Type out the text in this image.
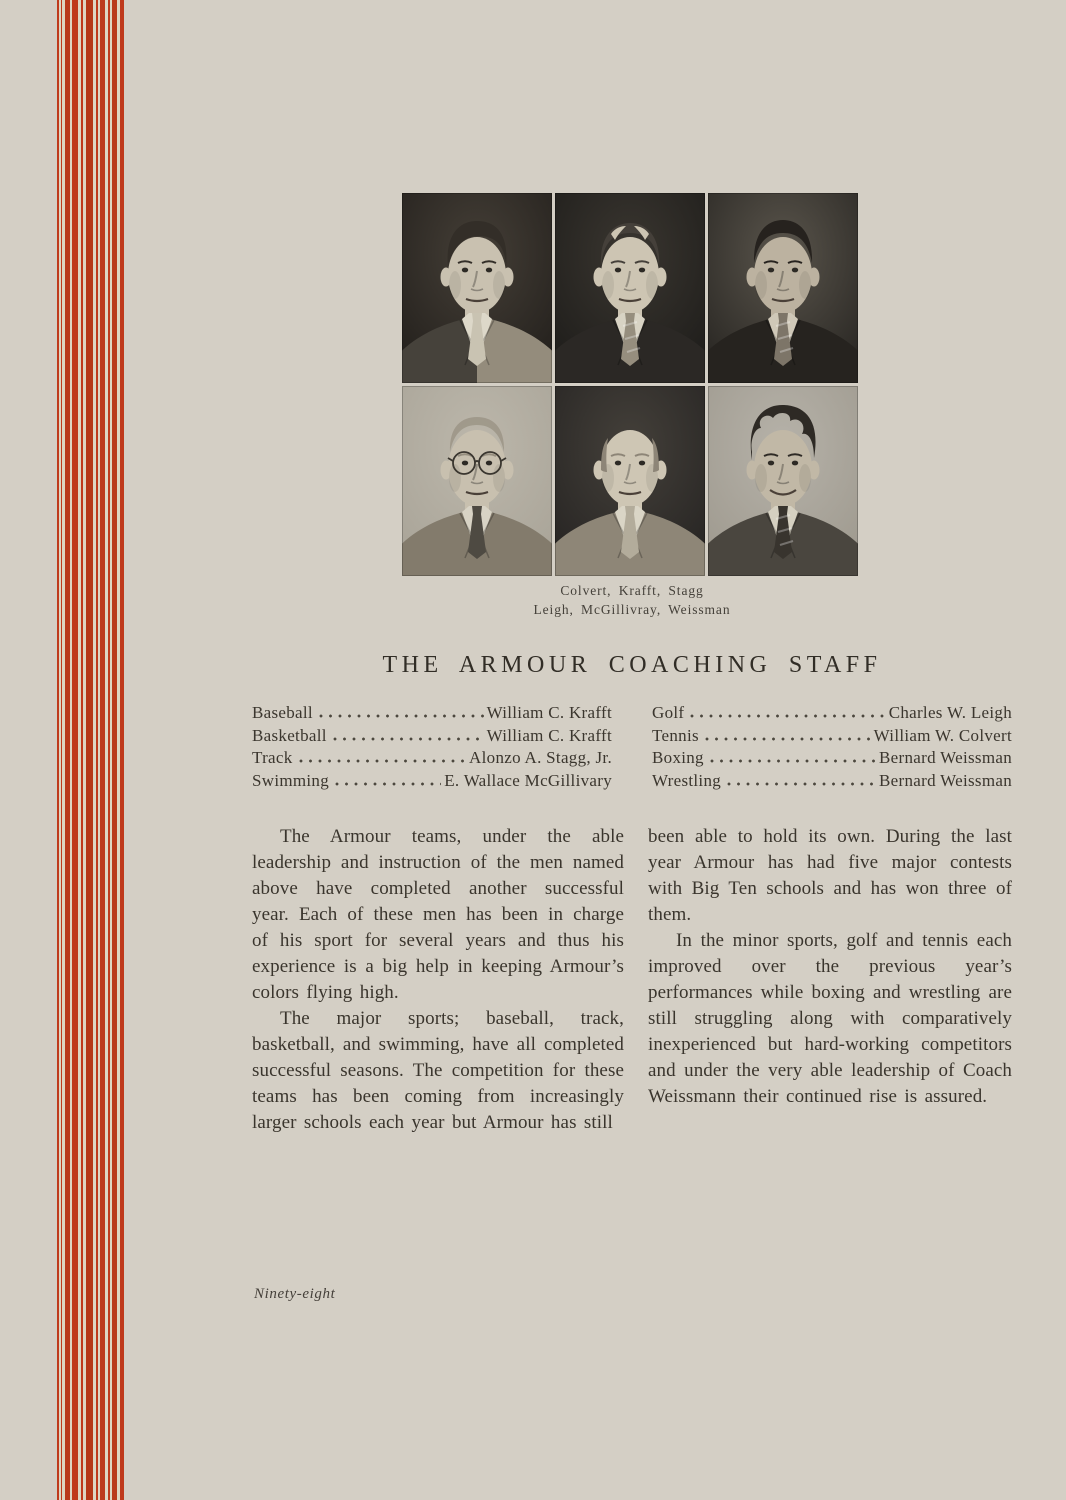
Colvert, Krafft, Stagg
Leigh, McGillivray, Weissman
THE ARMOUR COACHING STAFF
Baseball	William C. Krafft
Basketball	William C. Krafft
Track	Alonzo A. Stagg, Jr.
Swimming	E. Wallace McGillivary
Golf	Charles W. Leigh
Tennis	William W. Colvert
Boxing	Bernard Weissman
Wrestling	Bernard Weissman

The Armour teams, under the able leadership and instruction of the men named above have completed another successful year. Each of these men has been in charge of his sport for several years and thus his experience is a big help in keeping Armour’s colors flying high.

The major sports; baseball, track, basketball, and swimming, have all completed successful seasons. The competition for these teams has been coming from increasingly larger schools each year but Armour has still

been able to hold its own. During the last year Armour has had five major contests with Big Ten schools and has won three of them.

In the minor sports, golf and tennis each improved over the previous year’s performances while boxing and wrestling are still struggling along with comparatively inexperienced but hard-working competitors and under the very able leadership of Coach Weissmann their continued rise is assured.

Ninety-eight
